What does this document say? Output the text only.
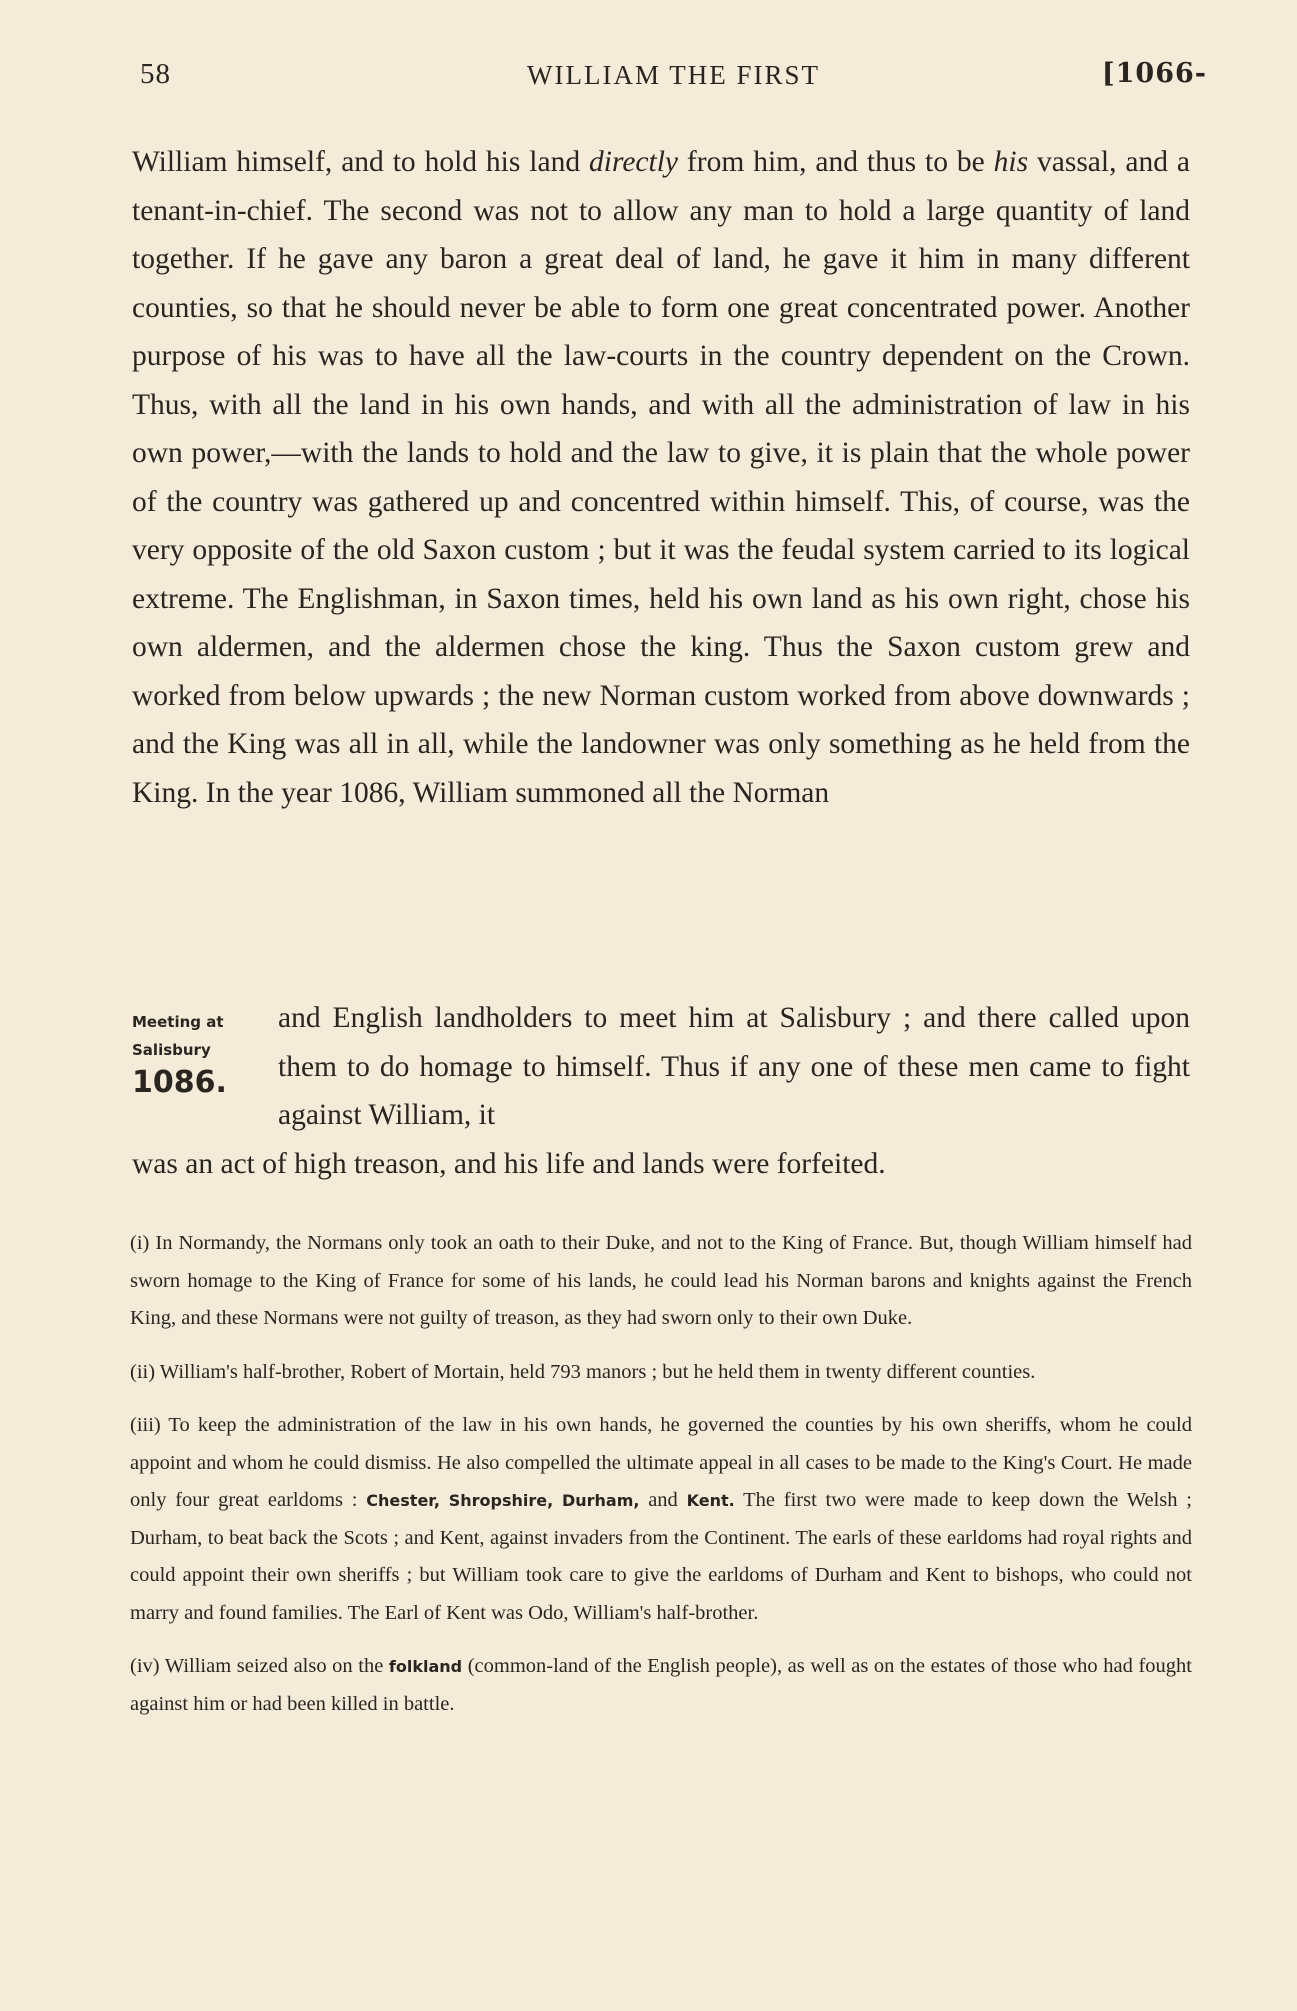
58	WILLIAM THE FIRST	[1066-

William himself, and to hold his land directly from him, and thus to be his vassal, and a tenant-in-chief. The second was not to allow any man to hold a large quantity of land together. If he gave any baron a great deal of land, he gave it him in many different counties, so that he should never be able to form one great concentrated power. Another purpose of his was to have all the law-courts in the country dependent on the Crown. Thus, with all the land in his own hands, and with all the administration of law in his own power,—with the lands to hold and the law to give, it is plain that the whole power of the country was gathered up and concentred within himself. This, of course, was the very opposite of the old Saxon custom ; but it was the feudal system carried to its logical extreme. The Englishman, in Saxon times, held his own land as his own right, chose his own aldermen, and the aldermen chose the king. Thus the Saxon custom grew and worked from below upwards ; the new Norman custom worked from above downwards ; and the King was all in all, while the landowner was only something as he held from the King. In the year 1086, William summoned all the Norman

Meeting at
Salisbury
1086.
and English landholders to meet him at Salisbury ; and there called upon them to do homage to himself. Thus if any one of these men came to fight against William, it
was an act of high treason, and his life and lands were forfeited.

(i) In Normandy, the Normans only took an oath to their Duke, and not to the King of France. But, though William himself had sworn homage to the King of France for some of his lands, he could lead his Norman barons and knights against the French King, and these Normans were not guilty of treason, as they had sworn only to their own Duke.

(ii) William's half-brother, Robert of Mortain, held 793 manors ; but he held them in twenty different counties.

(iii) To keep the administration of the law in his own hands, he governed the counties by his own sheriffs, whom he could appoint and whom he could dismiss. He also compelled the ultimate appeal in all cases to be made to the King's Court. He made only four great earldoms : Chester, Shropshire, Durham, and Kent. The first two were made to keep down the Welsh ; Durham, to beat back the Scots ; and Kent, against invaders from the Continent. The earls of these earldoms had royal rights and could appoint their own sheriffs ; but William took care to give the earldoms of Durham and Kent to bishops, who could not marry and found families. The Earl of Kent was Odo, William's half-brother.

(iv) William seized also on the folkland (common-land of the English people), as well as on the estates of those who had fought against him or had been killed in battle.
